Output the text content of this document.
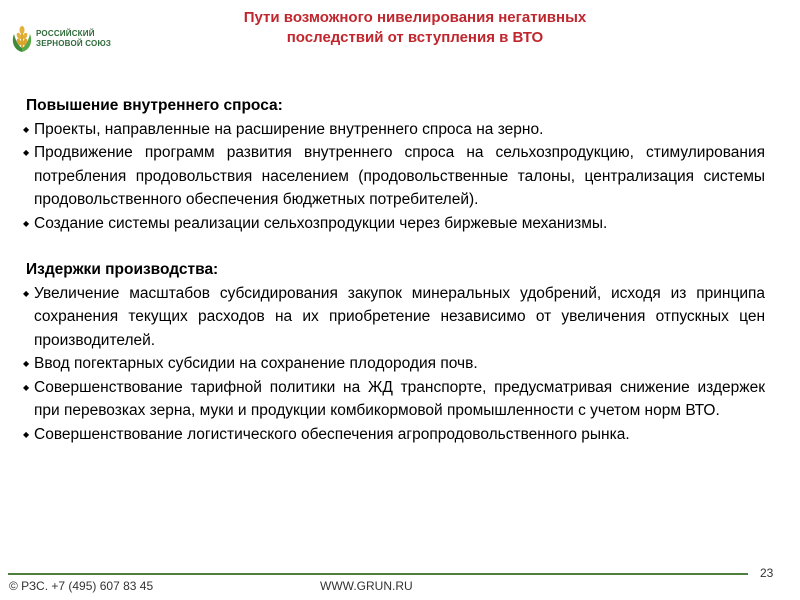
РОССИЙСКИЙ
ЗЕРНОВОЙ СОЮЗ
Пути возможного нивелирования негативных
последствий от вступления в ВТО
Повышение внутреннего спроса:
◆ Проекты, направленные на расширение внутреннего спроса на зерно.
◆ Продвижение программ развития внутреннего спроса на сельхозпродукцию, стимулирования потребления продовольствия населением (продовольственные талоны, централизация системы продовольственного обеспечения бюджетных потребителей).
◆ Создание системы реализации сельхозпродукции через биржевые механизмы.
Издержки производства:
◆ Увеличение масштабов субсидирования закупок минеральных удобрений, исходя из принципа сохранения текущих расходов на их приобретение независимо от увеличения отпускных цен производителей.
◆ Ввод погектарных субсидии на сохранение плодородия почв.
◆ Совершенствование тарифной политики на ЖД транспорте, предусматривая снижение издержек при перевозках зерна, муки и продукции комбикормовой промышленности с учетом норм ВТО.
◆ Совершенствование логистического обеспечения агропродовольственного рынка.
© РЗС. +7 (495) 607 83 45	WWW.GRUN.RU
23
